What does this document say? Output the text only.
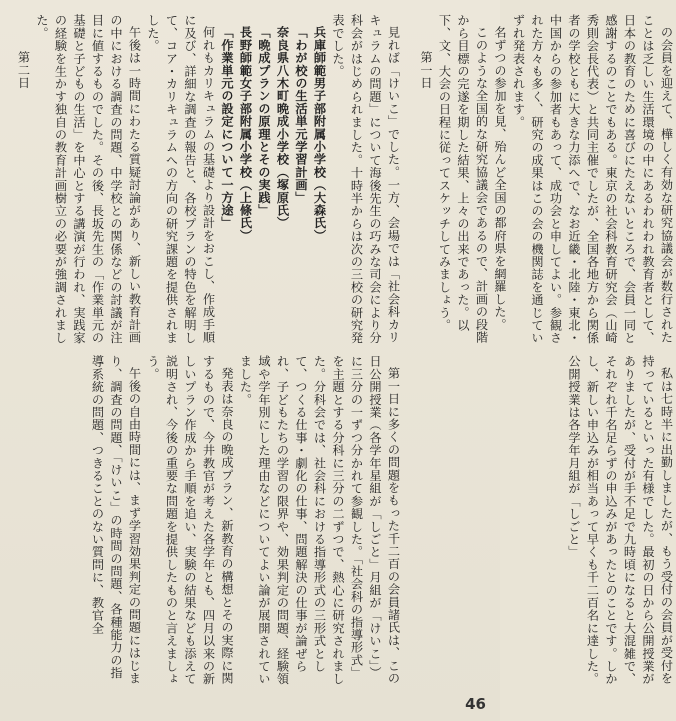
の会員を迎えて、樺しく有効な研究協議会が数行されたことは乏しい生活環境の中にあるわれわれ教育者として、日本の教育のために喜びにたえないところで、会員一同と感謝するのことでもある。東京の社会科教育研究会（山崎秀則会長代表）と共同主催でしたが、全国各地方から関係者の学校ともに大きな力添へで、なお近畿・北陸・東北・中国からの参加者もあって、成功会と申してよい。参観された方々も多く、研究の成果はこの会の機関誌を通じていずれ発表されます。

名ずつの参加を見、殆んど全国の都府県を網羅した。

このような全国的な研究協議会であるので、計画の段階から目標の完遂を期した結果、上々の出来であった。以下、文、大会の日程に従ってスケッチしてみましょう。

第一日

見れば「けいこ」でした。一方、会場では「社会科カリキュラムの問題」について海後先生の巧みな司会により分科会がはじめられました。十時半からは次の三校の研究発表でした。

兵庫師範男子部附属小学校（大森氏）

「わが校の生活単元学習計画」

奈良県八木町晩成小学校（塚原氏）

「晩成プランの原理とその実践」

長野師範女子部附属小学校（上條氏）

「作業単元の設定について一方途」

何れもカリキュラムの基礎より設計をおこし、作成手順に及び、詳細な調査の報告と、各校プランの特色を解明して、コア・カリキュラムへの方向の研究課題を提供されました。

午後は一時間にわたる質疑討論があり、新しい教育計画の中における調査の問題、中学校との関係などの討議が注目に値するものでした。その後、長坂先生の「作業単元の基礎と子どもの生活」を中心とする講演が行われ、実践家の経験を生かす独自の教育計画樹立の必要が強調されました。

第二日

私は七時半に出勤しましたが、もう受付の会員が受付を持っているといった有様でした。最初の日から公開授業がありましたが、受付が手不足で九時頃になると大混雑で、それぞれ千名足らずの申込みがあったとのことです。しかし、新しい申込みが相当あって早くも千二百名に達した。公開授業は各学年月組が「しごと」

第一日に多くの問題をもった千二百の会員諸氏は、この日公開授業（各学年星組が「しごと」月組が「けいこ」）に三分の一ずつ分かれて参観した。「社会科の指導形式」を主題とする分科に三分の二ずつで、熱心に研究されました。分科会では、社会科における指導形式の三形式として、つくる仕事・劇化の仕事、問題解決の仕事が論ぜられ、子どもたちの学習の限界や、効果判定の問題、経験領域や学年別にした理由などについてよい論が展開されていました。

発表は奈良の晩成プラン、新教育の構想とその実際に関するもので、今井教官が考えた各学年とも、四月以来の新しいプラン作成から手順を追い、実験の結果なども添えて説明され、今後の重要な問題を提供したものと言えましょう。

午後の自由時間には、まず学習効果判定の問題にはじまり、調査の問題、「けいこ」の時間の問題、各種能力の指導系統の問題、つきることのない質問に、教官全

46
